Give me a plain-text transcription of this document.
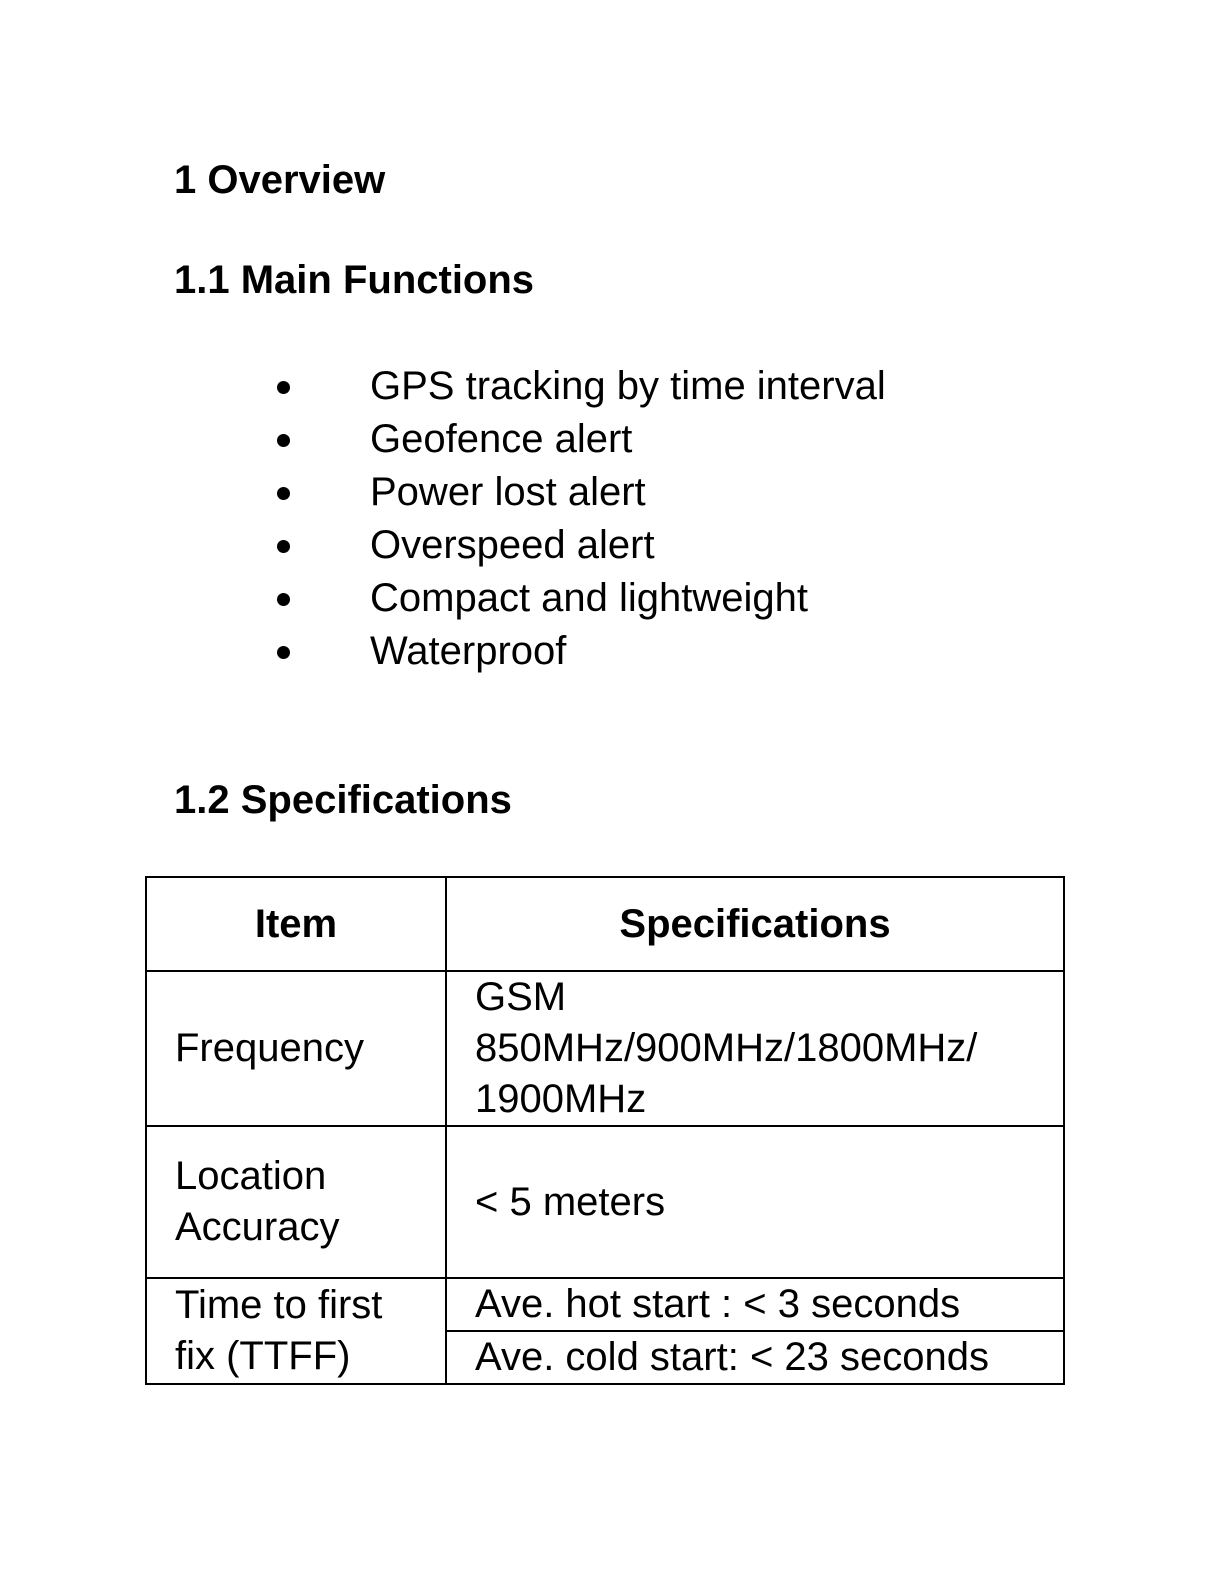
1 Overview
1.1 Main Functions
GPS tracking by time interval
Geofence alert
Power lost alert
Overspeed alert
Compact and lightweight
Waterproof
1.2 Specifications
Item	Specifications
Frequency	GSM
850MHz/900MHz/1800MHz/
1900MHz

Location
Accuracy	< 5 meters

Time to first
fix (TTFF)	Ave. hot start : < 3 seconds
	Ave. cold start: < 23 seconds
